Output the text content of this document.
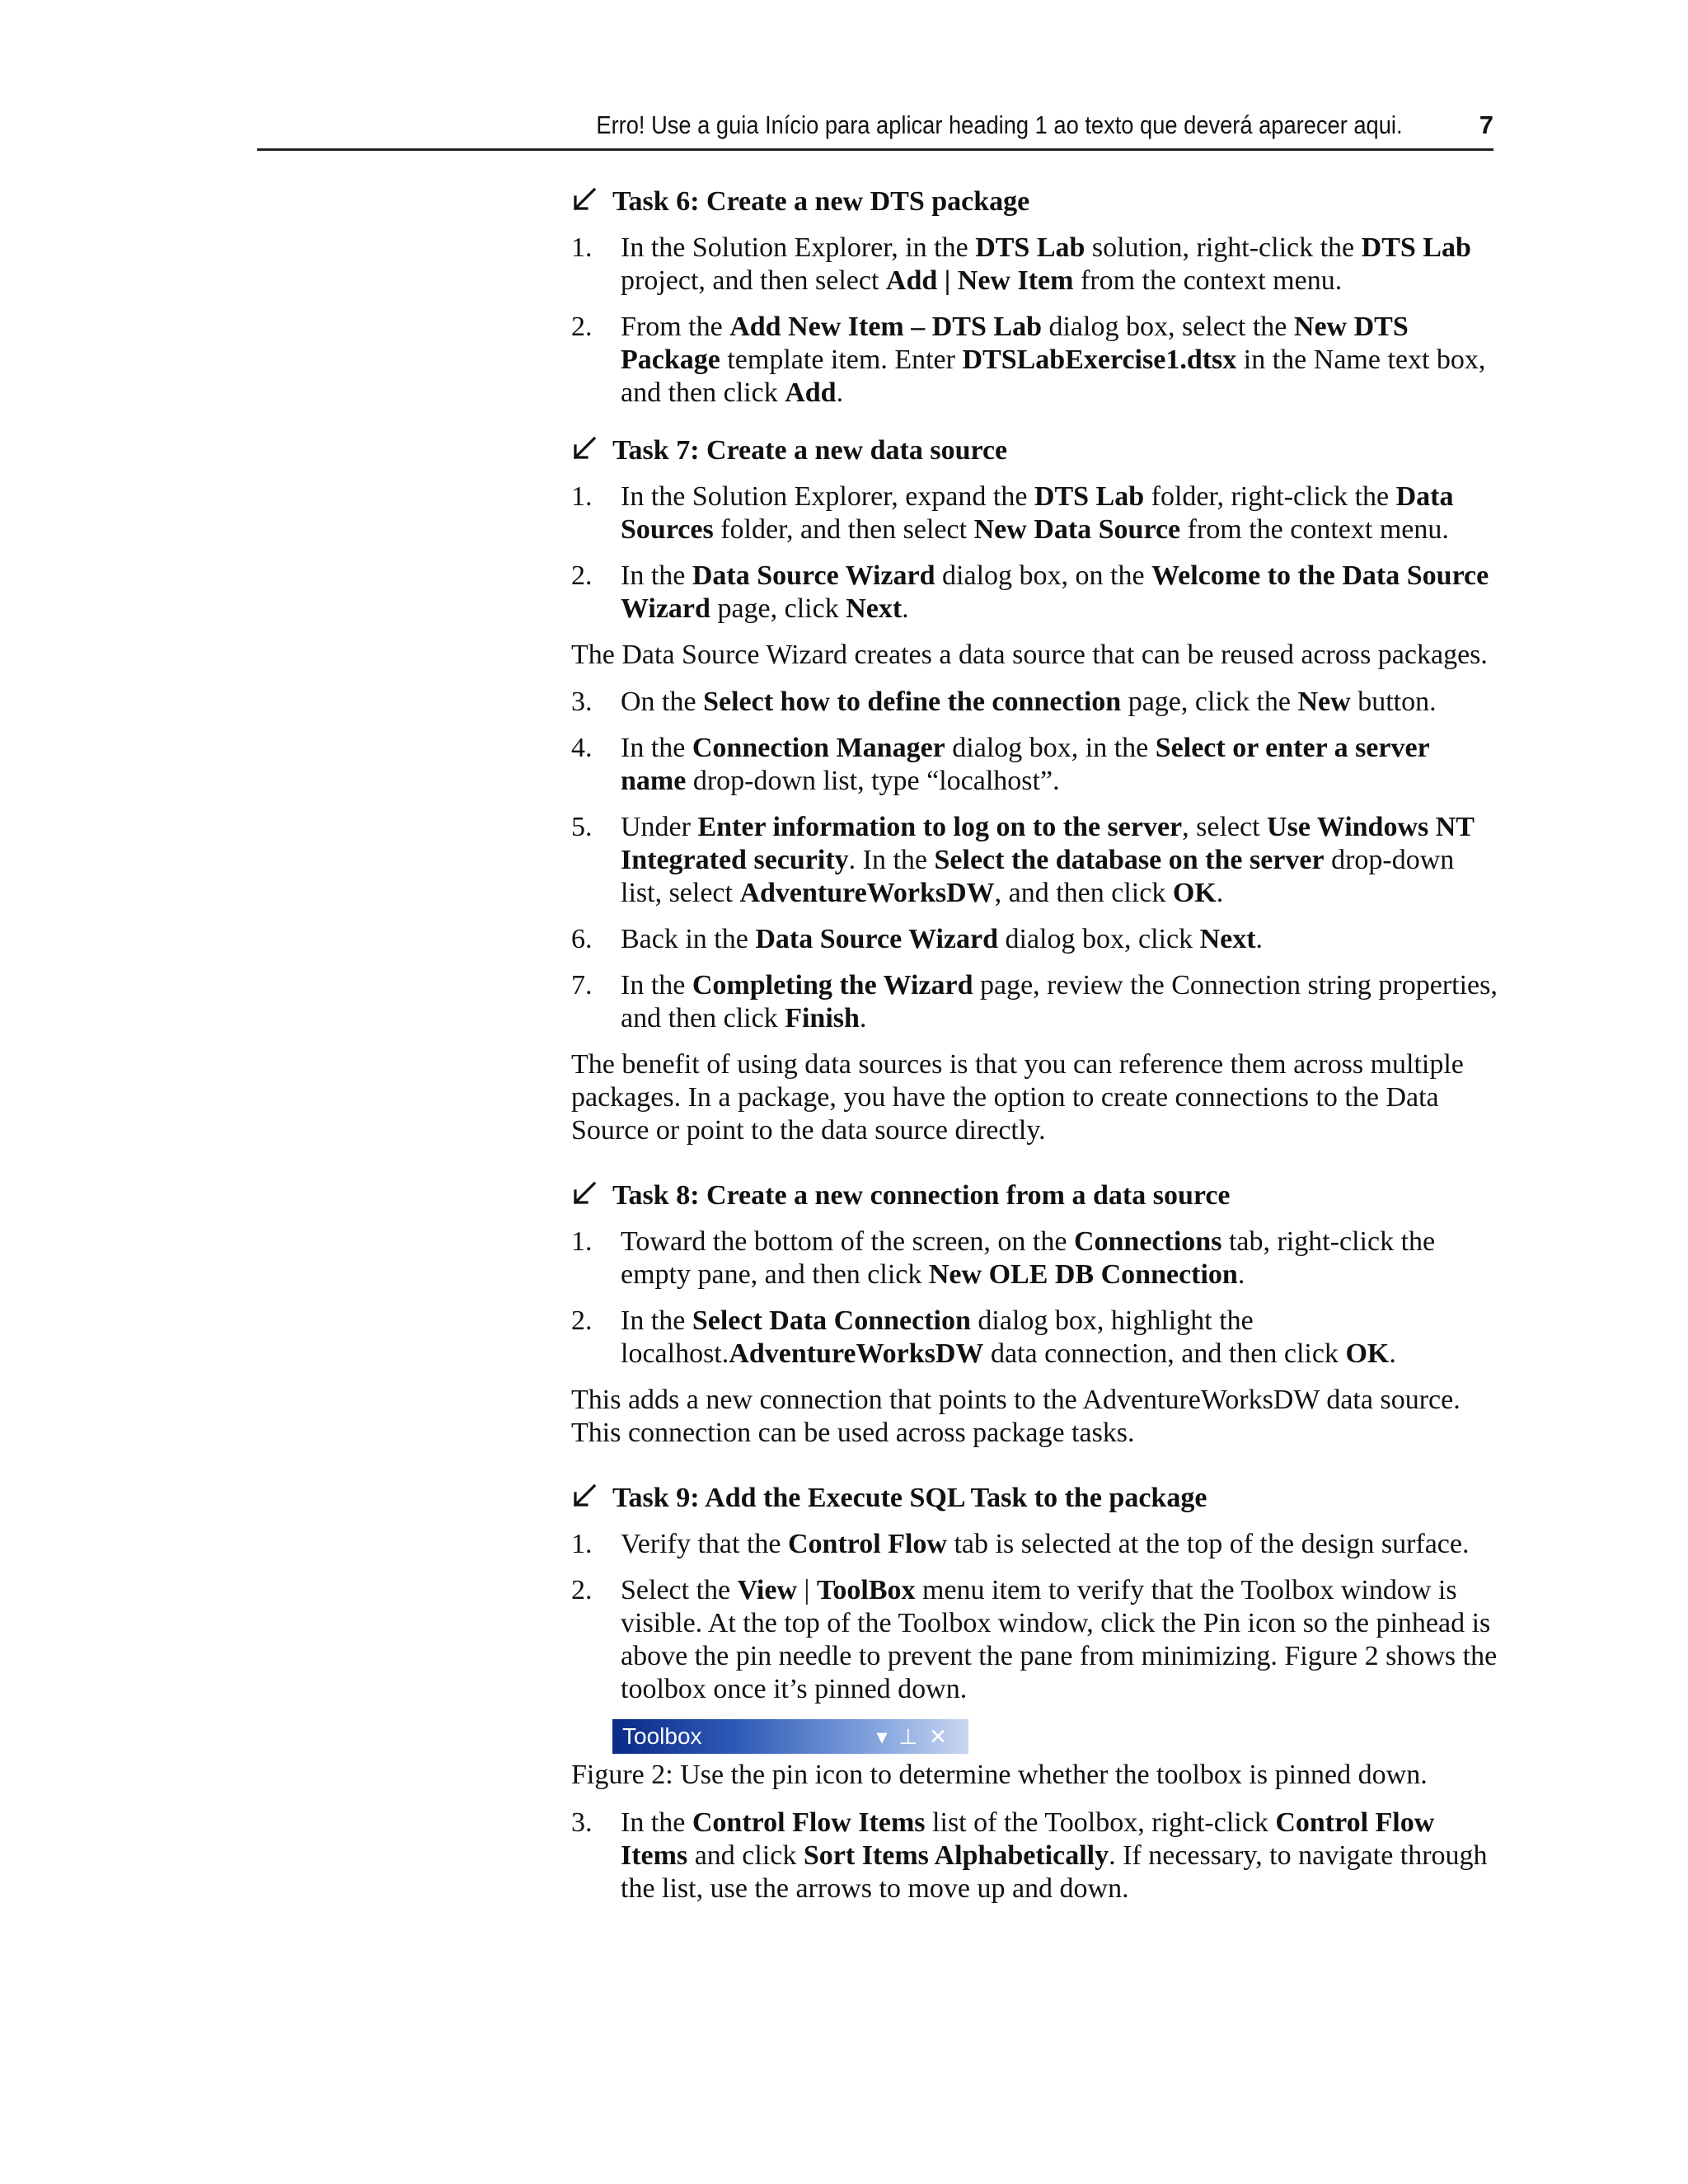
Erro! Use a guia Início para aplicar heading 1 ao texto que deverá aparecer aqui.	7
Task 6: Create a new DTS package
1. In the Solution Explorer, in the DTS Lab solution, right-click the DTS Lab project, and then select Add | New Item from the context menu.
2. From the Add New Item – DTS Lab dialog box, select the New DTS Package template item. Enter DTSLabExercise1.dtsx in the Name text box, and then click Add.
Task 7: Create a new data source
1. In the Solution Explorer, expand the DTS Lab folder, right-click the Data Sources folder, and then select New Data Source from the context menu.
2. In the Data Source Wizard dialog box, on the Welcome to the Data Source Wizard page, click Next.

The Data Source Wizard creates a data source that can be reused across packages.

3. On the Select how to define the connection page, click the New button.
4. In the Connection Manager dialog box, in the Select or enter a server name drop-down list, type “localhost”.
5. Under Enter information to log on to the server, select Use Windows NT Integrated security. In the Select the database on the server drop-down list, select AdventureWorksDW, and then click OK.
6. Back in the Data Source Wizard dialog box, click Next.
7. In the Completing the Wizard page, review the Connection string properties, and then click Finish.

The benefit of using data sources is that you can reference them across multiple packages. In a package, you have the option to create connections to the Data Source or point to the data source directly.

Task 8: Create a new connection from a data source
1. Toward the bottom of the screen, on the Connections tab, right-click the empty pane, and then click New OLE DB Connection.
2. In the Select Data Connection dialog box, highlight the localhost.AdventureWorksDW data connection, and then click OK.

This adds a new connection that points to the AdventureWorksDW data source. This connection can be used across package tasks.

Task 9: Add the Execute SQL Task to the package
1. Verify that the Control Flow tab is selected at the top of the design surface.
2. Select the View | ToolBox menu item to verify that the Toolbox window is visible. At the top of the Toolbox window, click the Pin icon so the pinhead is above the pin needle to prevent the pane from minimizing. Figure 2 shows the toolbox once it’s pinned down.
Toolbox	▾⊥✕

Figure 2: Use the pin icon to determine whether the toolbox is pinned down.

3. In the Control Flow Items list of the Toolbox, right-click Control Flow Items and click Sort Items Alphabetically. If necessary, to navigate through the list, use the arrows to move up and down.
